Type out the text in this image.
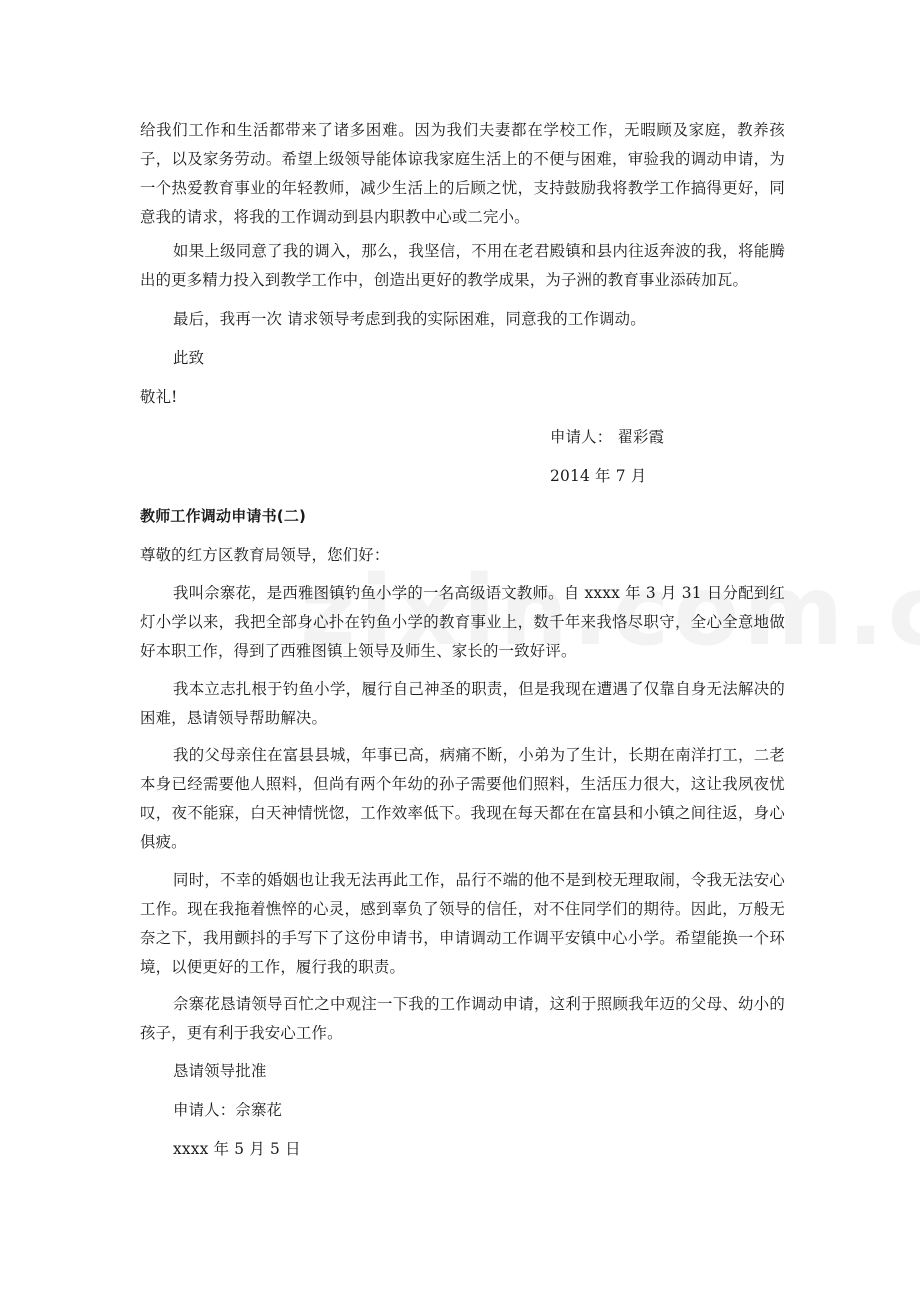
给我们工作和生活都带来了诸多困难。因为我们夫妻都在学校工作，无暇顾及家庭，教养孩子，以及家务劳动。希望上级领导能体谅我家庭生活上的不便与困难，审验我的调动申请，为一个热爱教育事业的年轻教师，减少生活上的后顾之忧，支持鼓励我将教学工作搞得更好，同意我的请求，将我的工作调动到县内职教中心或二完小。

如果上级同意了我的调入，那么，我坚信，不用在老君殿镇和县内往返奔波的我，将能腾出的更多精力投入到教学工作中，创造出更好的教学成果，为子洲的教育事业添砖加瓦。

最后，我再一次 请求领导考虑到我的实际困难，同意我的工作调动。

此致

敬礼!

申请人： 翟彩霞

2014 年 7 月

教师工作调动申请书(二)

尊敬的红方区教育局领导，您们好：

我叫佘寨花，是西雅图镇钓鱼小学的一名高级语文教师。自 xxxx 年 3 月 31 日分配到红灯小学以来，我把全部身心扑在钓鱼小学的教育事业上，数千年来我恪尽职守，全心全意地做好本职工作，得到了西雅图镇上领导及师生、家长的一致好评。

我本立志扎根于钓鱼小学，履行自己神圣的职责，但是我现在遭遇了仅靠自身无法解决的困难，恳请领导帮助解决。

我的父母亲住在富县县城，年事已高，病痛不断，小弟为了生计，长期在南洋打工，二老本身已经需要他人照料，但尚有两个年幼的孙子需要他们照料，生活压力很大，这让我夙夜忧叹，夜不能寐，白天神情恍惚，工作效率低下。我现在每天都在在富县和小镇之间往返，身心俱疲。

同时，不幸的婚姻也让我无法再此工作，品行不端的他不是到校无理取闹，令我无法安心工作。现在我拖着憔悴的心灵，感到辜负了领导的信任，对不住同学们的期待。因此，万般无奈之下，我用颤抖的手写下了这份申请书，申请调动工作调平安镇中心小学。希望能换一个环境，以便更好的工作，履行我的职责。

佘寨花恳请领导百忙之中观注一下我的工作调动申请，这利于照顾我年迈的父母、幼小的孩子，更有利于我安心工作。

恳请领导批准

申请人：佘寨花

xxxx 年 5 月 5 日
